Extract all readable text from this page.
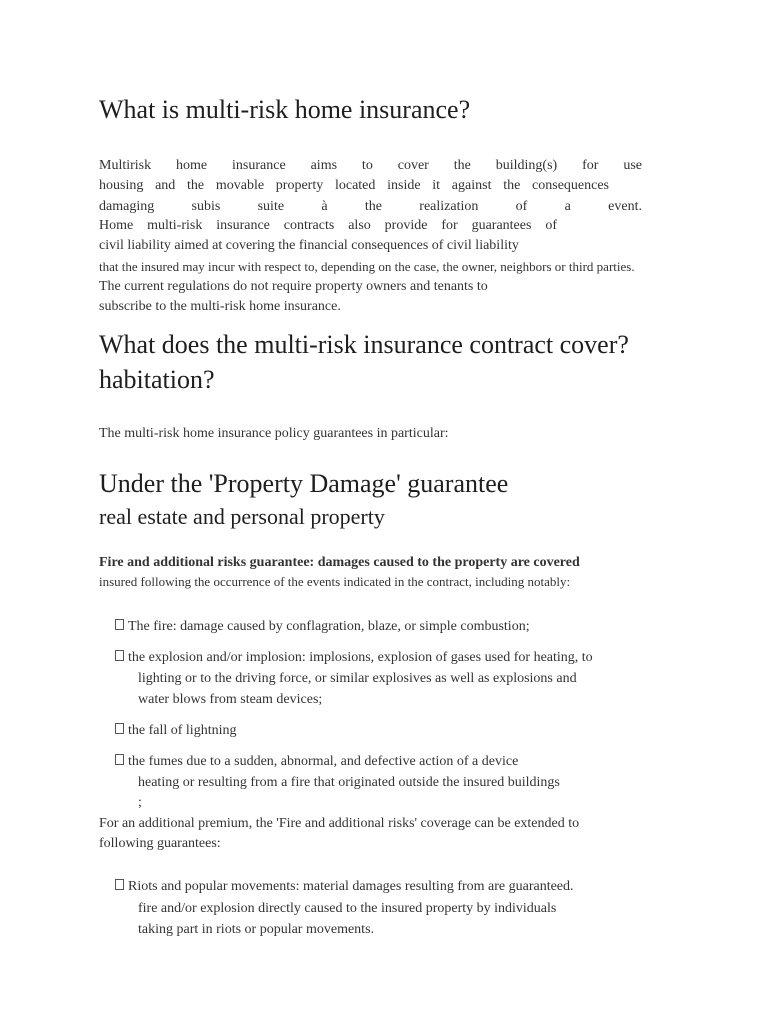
What is multi-risk home insurance?

Multirisk home insurance aims to cover the building(s) for use

housing and the movable property located inside it against the consequences

damaging subis suite à the realization of a event.

Home multi-risk insurance contracts also provide for guarantees of

civil liability aimed at covering the financial consequences of civil liability

that the insured may incur with respect to, depending on the case, the owner, neighbors or third parties.

The current regulations do not require property owners and tenants to

subscribe to the multi-risk home insurance.

What does the multi-risk insurance contract cover?
habitation?

The multi-risk home insurance policy guarantees in particular:

Under the 'Property Damage' guarantee
real estate and personal property

Fire and additional risks guarantee: damages caused to the property are covered

insured following the occurrence of the events indicated in the contract, including notably:

The fire: damage caused by conflagration, blaze, or simple combustion;

the explosion and/or implosion: implosions, explosion of gases used for heating, to

lighting or to the driving force, or similar explosives as well as explosions and

water blows from steam devices;

the fall of lightning

the fumes due to a sudden, abnormal, and defective action of a device

heating or resulting from a fire that originated outside the insured buildings

;

For an additional premium, the 'Fire and additional risks' coverage can be extended to

following guarantees:

Riots and popular movements: material damages resulting from are guaranteed.

fire and/or explosion directly caused to the insured property by individuals

taking part in riots or popular movements.
